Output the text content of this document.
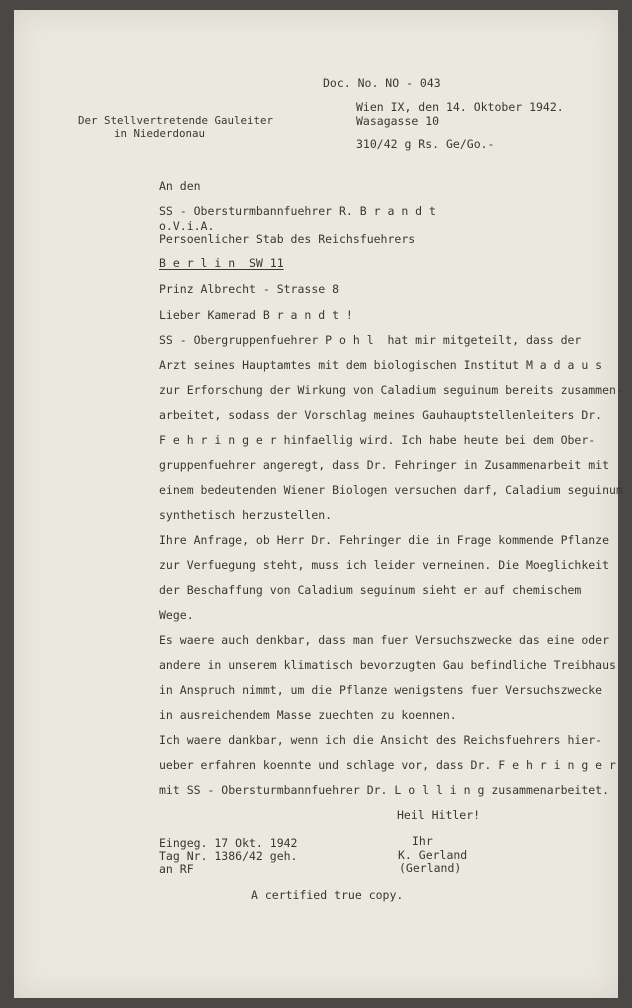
Doc. No. NO - 043
Wien IX, den 14. Oktober 1942.
Wasagasse 10
310/42 g Rs. Ge/Go.-
Der Stellvertretende Gauleiter
in Niederdonau
An den
SS - Obersturmbannfuehrer R. B r a n d t
o.V.i.A.
Persoenlicher Stab des Reichsfuehrers
B e r l i n  SW 11
Prinz Albrecht - Strasse 8
Lieber Kamerad B r a n d t !
SS - Obergruppenfuehrer P o h l  hat mir mitgeteilt, dass der
Arzt seines Hauptamtes mit dem biologischen Institut M a d a u s
zur Erforschung der Wirkung von Caladium seguinum bereits zusammen-
arbeitet, sodass der Vorschlag meines Gauhauptstellenleiters Dr.
F e h r i n g e r hinfaellig wird. Ich habe heute bei dem Ober-
gruppenfuehrer angeregt, dass Dr. Fehringer in Zusammenarbeit mit
einem bedeutenden Wiener Biologen versuchen darf, Caladium seguinum
synthetisch herzustellen.
Ihre Anfrage, ob Herr Dr. Fehringer die in Frage kommende Pflanze
zur Verfuegung steht, muss ich leider verneinen. Die Moeglichkeit
der Beschaffung von Caladium seguinum sieht er auf chemischem
Wege.
Es waere auch denkbar, dass man fuer Versuchszwecke das eine oder
andere in unserem klimatisch bevorzugten Gau befindliche Treibhaus
in Anspruch nimmt, um die Pflanze wenigstens fuer Versuchszwecke
in ausreichendem Masse zuechten zu koennen.
Ich waere dankbar, wenn ich die Ansicht des Reichsfuehrers hier-
ueber erfahren koennte und schlage vor, dass Dr. F e h r i n g e r
mit SS - Obersturmbannfuehrer Dr. L o l l i n g zusammenarbeitet.
Heil Hitler!
Eingeg. 17 Okt. 1942
Tag Nr. 1386/42 geh.
an RF
Ihr
K. Gerland
(Gerland)
A certified true copy.
